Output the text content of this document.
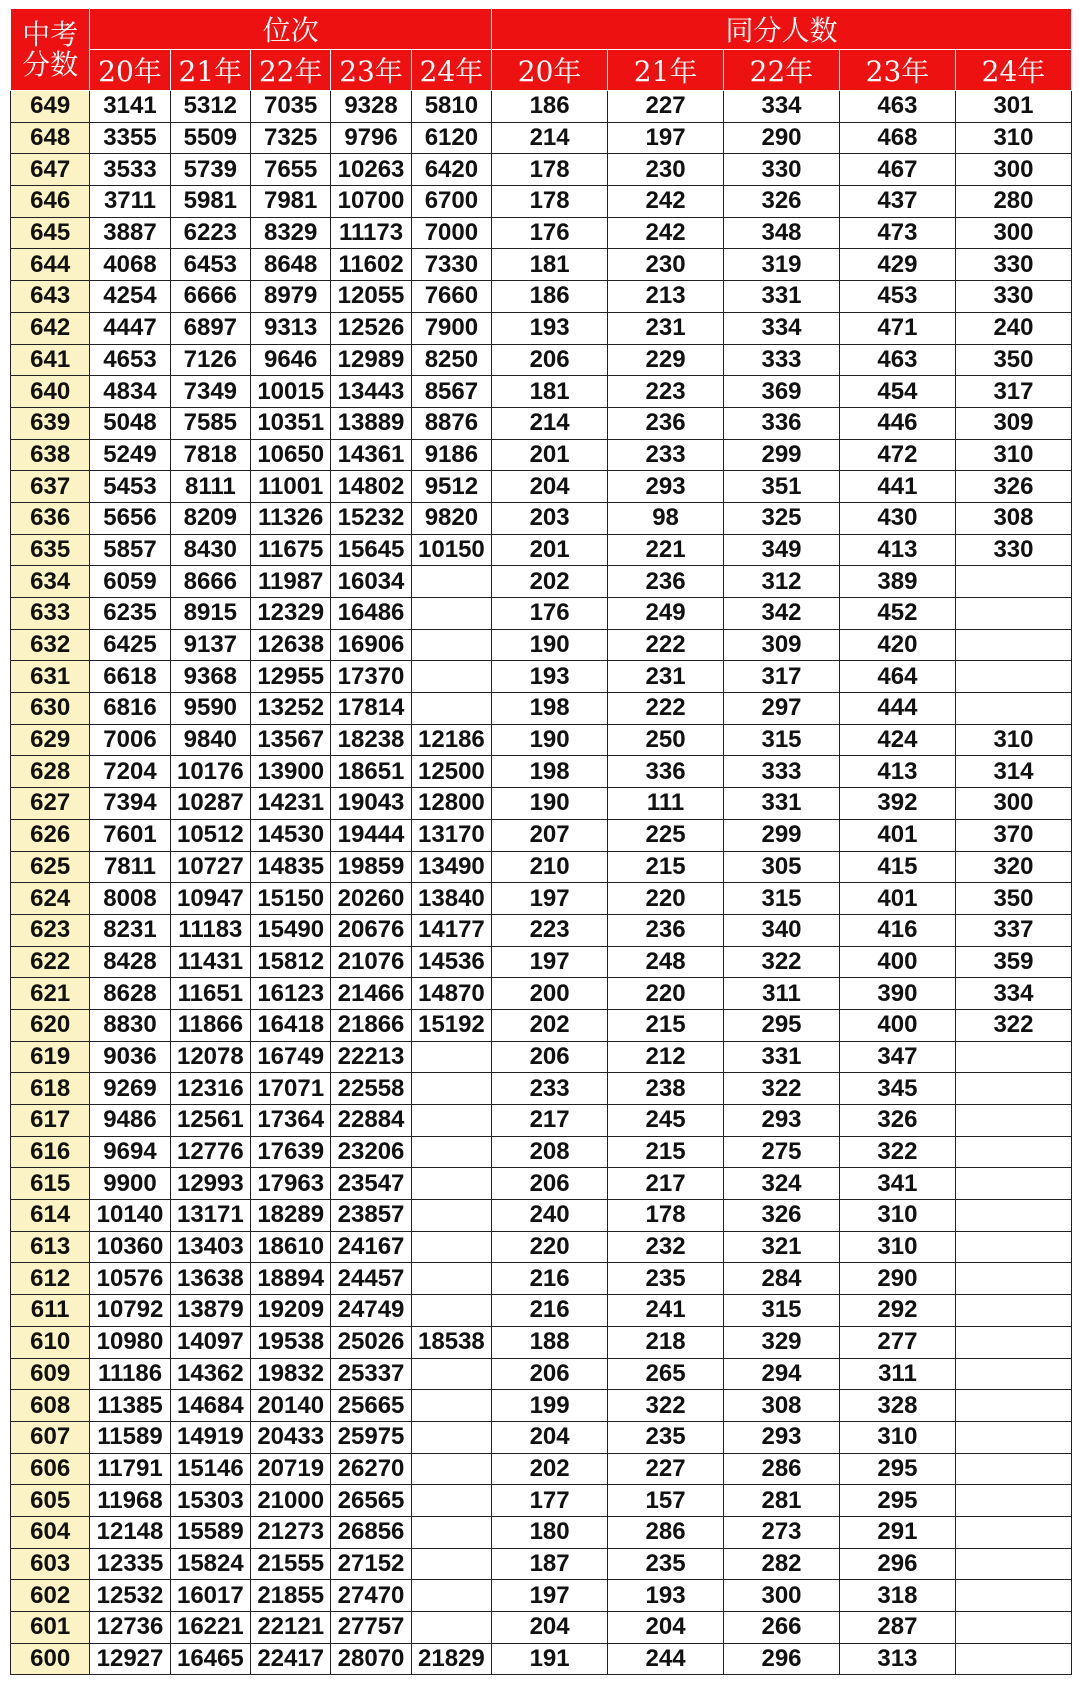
中考
分数	位次					同分人数				
	20年	21年	22年	23年	24年	20年	21年	22年	23年	24年
649	3141	5312	7035	9328	5810	186	227	334	463	301
648	3355	5509	7325	9796	6120	214	197	290	468	310
647	3533	5739	7655	10263	6420	178	230	330	467	300
646	3711	5981	7981	10700	6700	178	242	326	437	280
645	3887	6223	8329	11173	7000	176	242	348	473	300
644	4068	6453	8648	11602	7330	181	230	319	429	330
643	4254	6666	8979	12055	7660	186	213	331	453	330
642	4447	6897	9313	12526	7900	193	231	334	471	240
641	4653	7126	9646	12989	8250	206	229	333	463	350
640	4834	7349	10015	13443	8567	181	223	369	454	317
639	5048	7585	10351	13889	8876	214	236	336	446	309
638	5249	7818	10650	14361	9186	201	233	299	472	310
637	5453	8111	11001	14802	9512	204	293	351	441	326
636	5656	8209	11326	15232	9820	203	98	325	430	308
635	5857	8430	11675	15645	10150	201	221	349	413	330
634	6059	8666	11987	16034		202	236	312	389	
633	6235	8915	12329	16486		176	249	342	452	
632	6425	9137	12638	16906		190	222	309	420	
631	6618	9368	12955	17370		193	231	317	464	
630	6816	9590	13252	17814		198	222	297	444	
629	7006	9840	13567	18238	12186	190	250	315	424	310
628	7204	10176	13900	18651	12500	198	336	333	413	314
627	7394	10287	14231	19043	12800	190	111	331	392	300
626	7601	10512	14530	19444	13170	207	225	299	401	370
625	7811	10727	14835	19859	13490	210	215	305	415	320
624	8008	10947	15150	20260	13840	197	220	315	401	350
623	8231	11183	15490	20676	14177	223	236	340	416	337
622	8428	11431	15812	21076	14536	197	248	322	400	359
621	8628	11651	16123	21466	14870	200	220	311	390	334
620	8830	11866	16418	21866	15192	202	215	295	400	322
619	9036	12078	16749	22213		206	212	331	347	
618	9269	12316	17071	22558		233	238	322	345	
617	9486	12561	17364	22884		217	245	293	326	
616	9694	12776	17639	23206		208	215	275	322	
615	9900	12993	17963	23547		206	217	324	341	
614	10140	13171	18289	23857		240	178	326	310	
613	10360	13403	18610	24167		220	232	321	310	
612	10576	13638	18894	24457		216	235	284	290	
611	10792	13879	19209	24749		216	241	315	292	
610	10980	14097	19538	25026	18538	188	218	329	277	
609	11186	14362	19832	25337		206	265	294	311	
608	11385	14684	20140	25665		199	322	308	328	
607	11589	14919	20433	25975		204	235	293	310	
606	11791	15146	20719	26270		202	227	286	295	
605	11968	15303	21000	26565		177	157	281	295	
604	12148	15589	21273	26856		180	286	273	291	
603	12335	15824	21555	27152		187	235	282	296	
602	12532	16017	21855	27470		197	193	300	318	
601	12736	16221	22121	27757		204	204	266	287	
600	12927	16465	22417	28070	21829	191	244	296	313	
